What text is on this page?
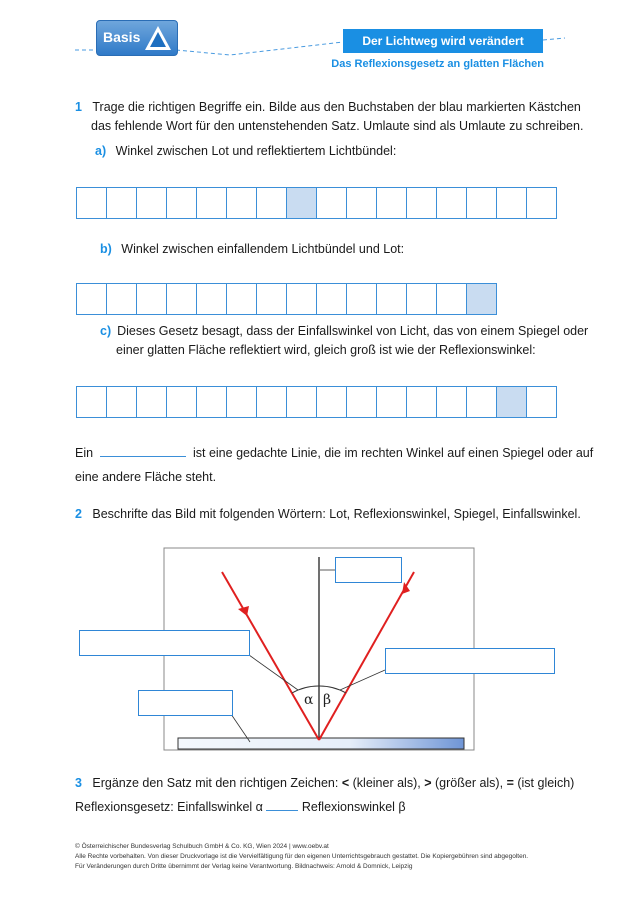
Basis	Der Lichtweg wird verändert
Das Reflexionsgesetz an glatten Flächen
1 Trage die richtigen Begriffe ein. Bilde aus den Buchstaben der blau markierten Kästchen
das fehlende Wort für den untenstehenden Satz. Umlaute sind als Umlaute zu schreiben.
a) Winkel zwischen Lot und reflektiertem Lichtbündel:
b) Winkel zwischen einfallendem Lichtbündel und Lot:
c) Dieses Gesetz besagt, dass der Einfallswinkel von Licht, das von einem Spiegel oder
einer glatten Fläche reflektiert wird, gleich groß ist wie der Reflexionswinkel:
Ein	ist eine gedachte Linie, die im rechten Winkel auf einen Spiegel oder auf
eine andere Fläche steht.
2 Beschrifte das Bild mit folgenden Wörtern: Lot, Reflexionswinkel, Spiegel, Einfallswinkel.
α β
3 Ergänze den Satz mit den richtigen Zeichen: < (kleiner als), > (größer als), = (ist gleich)
Reflexionsgesetz: Einfallswinkel α	Reflexionswinkel β
© Österreichischer Bundesverlag Schulbuch GmbH & Co. KG, Wien 2024 | www.oebv.at
Alle Rechte vorbehalten. Von dieser Druckvorlage ist die Vervielfältigung für den eigenen Unterrichtsgebrauch gestattet. Die Kopiergebühren sind abgegolten.
Für Veränderungen durch Dritte übernimmt der Verlag keine Verantwortung. Bildnachweis: Arnold & Domnick, Leipzig
